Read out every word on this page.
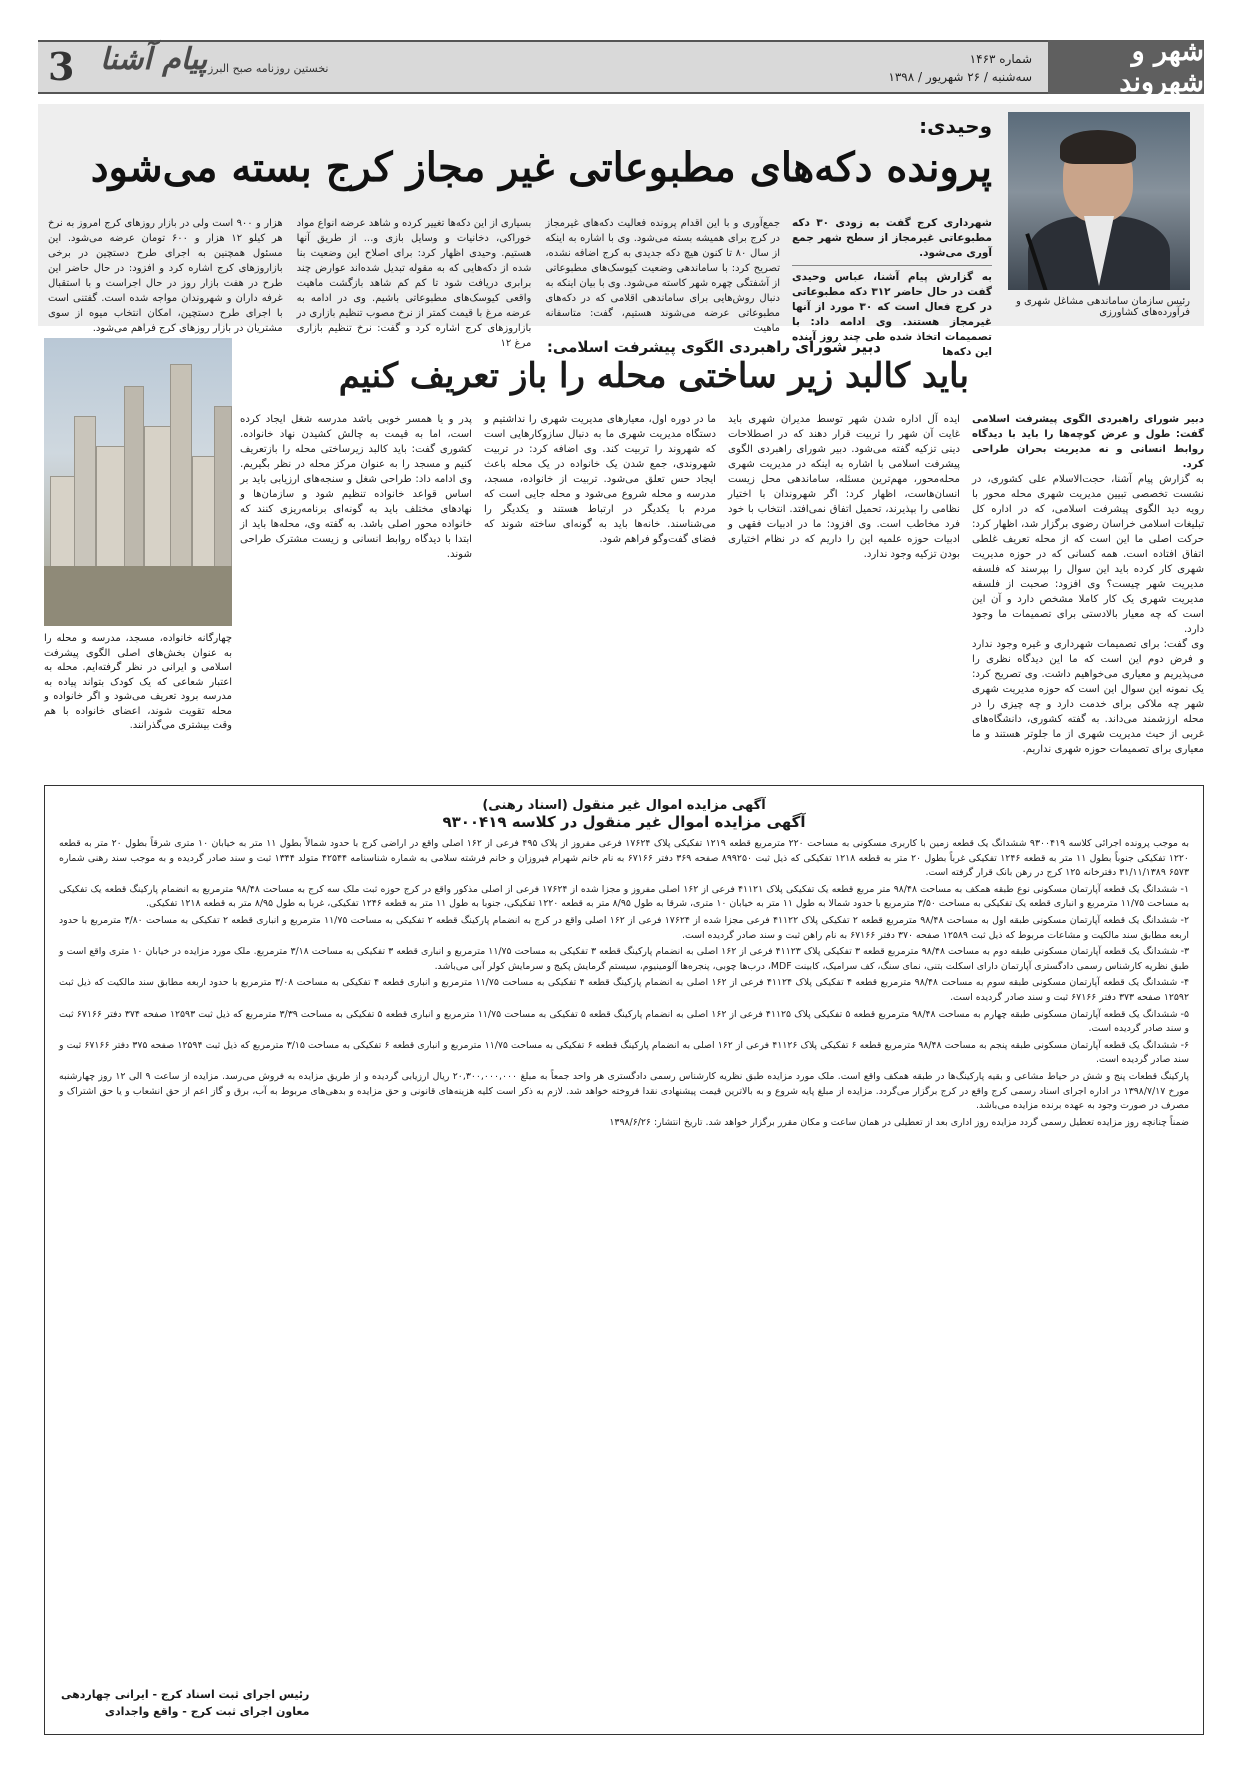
شهر و شهروند
شماره ۱۴۶۳
سه‌شنبه / ۲۶ شهریور / ۱۳۹۸
نخستین روزنامه صبح البرز
پیام آشنا
3
رئیس سازمان ساماندهی مشاغل شهری و فرآورده‌های کشاورزی
وحیدی:
پرونده دکه‌های مطبوعاتی غیر مجاز کرج بسته می‌شود
شهرداری کرج گفت به زودی ۳۰ دکه مطبوعاتی غیرمجاز از سطح شهر جمع آوری می‌شود.
به گزارش پیام آشنا، عباس وحیدی گفت در حال حاضر ۳۱۲ دکه مطبوعاتی در کرج فعال است که ۳۰ مورد از آنها غیرمجاز هستند. وی ادامه داد: با تصمیمات اتخاذ شده طی چند روز آینده این دکه‌ها
جمع‌آوری و با این اقدام پرونده فعالیت دکه‌های غیرمجاز در کرج برای همیشه بسته می‌شود. وی با اشاره به اینکه از سال ۸۰ تا کنون هیچ دکه جدیدی به کرج اضافه نشده، تصریح کرد: با ساماندهی وضعیت کیوسک‌های مطبوعاتی از آشفتگی چهره شهر کاسته می‌شود. وی با بیان اینکه به دنبال روش‌هایی برای ساماندهی اقلامی که در دکه‌های مطبوعاتی عرضه می‌شوند هستیم، گفت: متاسفانه ماهیت
بسیاری از این دکه‌ها تغییر کرده و شاهد عرضه انواع مواد خوراکی، دخانیات و وسایل بازی و... از طریق آنها هستیم. وحیدی اظهار کرد: برای اصلاح این وضعیت بنا شده از دکه‌هایی که به مقوله تبدیل شده‌اند عوارض چند برابری دریافت شود تا کم کم شاهد بازگشت ماهیت واقعی کیوسک‌های مطبوعاتی باشیم. وی در ادامه به عرضه مرغ با قیمت کمتر از نرخ مصوب تنظیم بازاری در بازاروزهای کرج اشاره کرد و گفت: نرخ تنظیم بازاری مرغ ۱۲
هزار و ۹۰۰ است ولی در بازار روزهای کرج امروز به نرخ هر کیلو ۱۲ هزار و ۶۰۰ تومان عرضه می‌شود. این مسئول همچنین به اجرای طرح دستچین در برخی بازاروزهای کرج اشاره کرد و افزود: در حال حاضر این طرح در هفت بازار روز در حال اجراست و با استقبال غرفه داران و شهروندان مواجه شده است. گفتنی است با اجرای طرح دستچین، امکان انتخاب میوه از سوی مشتریان در بازار روزهای کرج فراهم می‌شود.
دبیر شورای راهبردی الگوی پیشرفت اسلامی:
باید کالبد زیر ساختی محله را باز تعریف کنیم
چهارگانه خانواده، مسجد، مدرسه و محله را به عنوان بخش‌های اصلی الگوی پیشرفت اسلامی و ایرانی در نظر گرفته‌ایم. محله به اعتبار شعاعی که یک کودک بتواند پیاده به مدرسه برود تعریف می‌شود و اگر خانواده و محله تقویت شوند، اعضای خانواده با هم وقت بیشتری می‌گذرانند.

دبیر شورای راهبردی الگوی پیشرفت اسلامی گفت: طول و عرض کوچه‌ها را باید با دیدگاه روابط انسانی و نه مدیریت بحران طراحی کرد.

به گزارش پیام آشنا، حجت‌الاسلام علی کشوری، در نشست تخصصی تبیین مدیریت شهری محله محور با رویه دید الگوی پیشرفت اسلامی، که در اداره کل تبلیغات اسلامی خراسان رضوی برگزار شد، اظهار کرد: حرکت اصلی ما این است که از محله تعریف غلطی اتفاق افتاده است. همه کسانی که در حوزه مدیریت شهری کار کرده باید این سوال را بپرسند که فلسفه مدیریت شهر چیست؟ وی افزود: صحبت از فلسفه مدیریت شهری یک کار کاملا مشخص دارد و آن این است که چه معیار بالادستی برای تصمیمات ما وجود دارد.

وی گفت: برای تصمیمات شهرداری و غیره وجود ندارد و فرض دوم این است که ما این دیدگاه نظری را می‌پذیریم و معیاری می‌خواهیم داشت. وی تصریح کرد: یک نمونه این سوال این است که حوزه مدیریت شهری شهر چه ملاکی برای خدمت دارد و چه چیزی را در محله ارزشمند می‌داند. به گفته کشوری، دانشگاه‌های غربی از حیث مدیریت شهری از ما جلوتر هستند و ما معیاری برای تصمیمات حوزه شهری نداریم.

ایده آل اداره شدن شهر توسط مدیران شهری باید غایت آن شهر را تربیت قرار دهند که در اصطلاحات دینی تزکیه گفته می‌شود. دبیر شورای راهبردی الگوی پیشرفت اسلامی با اشاره به اینکه در مدیریت شهری محله‌محور، مهم‌ترین مسئله، ساماندهی محل زیست انسان‌هاست، اظهار کرد: اگر شهروندان با اختیار نظامی را بپذیرند، تحمیل اتفاق نمی‌افتد. انتخاب با خود فرد مخاطب است. وی افزود: ما در ادبیات فقهی و ادبیات حوزه علمیه این را داریم که در نظام اختیاری بودن تزکیه وجود ندارد.

ما در دوره اول، معیارهای مدیریت شهری را نداشتیم و دستگاه مدیریت شهری ما به دنبال سازوکارهایی است که شهروند را تربیت کند. وی اضافه کرد: در تربیت شهروندی، جمع شدن یک خانواده در یک محله باعث ایجاد حس تعلق می‌شود. تربیت از خانواده، مسجد، مدرسه و محله شروع می‌شود و محله جایی است که مردم با یکدیگر در ارتباط هستند و یکدیگر را می‌شناسند. خانه‌ها باید به گونه‌ای ساخته شوند که فضای گفت‌وگو فراهم شود.

پدر و یا همسر خوبی باشد مدرسه شغل ایجاد کرده است، اما به قیمت به چالش کشیدن نهاد خانواده. کشوری گفت: باید کالبد زیرساختی محله را بازتعریف کنیم و مسجد را به عنوان مرکز محله در نظر بگیریم. وی ادامه داد: طراحی شغل و سنجه‌های ارزیابی باید بر اساس قواعد خانواده تنظیم شود و سازمان‌ها و نهادهای مختلف باید به گونه‌ای برنامه‌ریزی کنند که خانواده محور اصلی باشد. به گفته وی، محله‌ها باید از ابتدا با دیدگاه روابط انسانی و زیست مشترک طراحی شوند.

آگهی مزایده اموال غیر منقول (اسناد رهنی)
آگهی مزایده اموال غیر منقول در کلاسه ۹۳۰۰۴۱۹

به موجب پرونده اجرائی کلاسه ۹۳۰۰۴۱۹ ششدانگ یک قطعه زمین با کاربری مسکونی به مساحت ۲۲۰ مترمربع قطعه ۱۲۱۹ تفکیکی پلاک ۱۷۶۲۴ فرعی مفروز از پلاک ۴۹۵ فرعی از ۱۶۲ اصلی واقع در اراضی کرج با حدود شمالاً بطول ۱۱ متر به خیابان ۱۰ متری شرقاً بطول ۲۰ متر به قطعه ۱۲۲۰ تفکیکی جنوباً بطول ۱۱ متر به قطعه ۱۲۴۶ تفکیکی غرباً بطول ۲۰ متر به قطعه ۱۲۱۸ تفکیکی که ذیل ثبت ۸۹۹۲۵۰ صفحه ۳۶۹ دفتر ۶۷۱۶۶ به نام خانم شهرام فیروزان و خانم فرشته سلامی به شماره شناسنامه ۴۲۵۴۴ متولد ۱۳۴۴ ثبت و سند صادر گردیده و به موجب سند رهنی شماره ۶۵۷۳ ۳۱/۱۱/۱۳۸۹ دفترخانه ۱۲۵ کرج در رهن بانک قرار گرفته است.

۱- ششدانگ یک قطعه آپارتمان مسکونی نوع طبقه همکف به مساحت ۹۸/۴۸ متر مربع قطعه یک تفکیکی پلاک ۴۱۱۲۱ فرعی از ۱۶۲ اصلی مفروز و مجزا شده از ۱۷۶۲۴ فرعی از اصلی مذکور واقع در کرج حوزه ثبت ملک سه کرج به مساحت ۹۸/۴۸ مترمربع به انضمام پارکینگ قطعه یک تفکیکی به مساحت ۱۱/۷۵ مترمربع و انباری قطعه یک تفکیکی به مساحت ۳/۵۰ مترمربع با حدود شمالا به طول ۱۱ متر به خیابان ۱۰ متری، شرقا به طول ۸/۹۵ متر به قطعه ۱۲۲۰ تفکیکی، جنوبا به طول ۱۱ متر به قطعه ۱۲۴۶ تفکیکی، غربا به طول ۸/۹۵ متر به قطعه ۱۲۱۸ تفکیکی.

۲- ششدانگ یک قطعه آپارتمان مسکونی طبقه اول به مساحت ۹۸/۴۸ مترمربع قطعه ۲ تفکیکی پلاک ۴۱۱۲۲ فرعی مجزا شده از ۱۷۶۲۴ فرعی از ۱۶۲ اصلی واقع در کرج به انضمام پارکینگ قطعه ۲ تفکیکی به مساحت ۱۱/۷۵ مترمربع و انباری قطعه ۲ تفکیکی به مساحت ۳/۸۰ مترمربع با حدود اربعه مطابق سند مالکیت و مشاعات مربوط که ذیل ثبت ۱۲۵۸۹ صفحه ۳۷۰ دفتر ۶۷۱۶۶ به نام راهن ثبت و سند صادر گردیده است.

۳- ششدانگ یک قطعه آپارتمان مسکونی طبقه دوم به مساحت ۹۸/۴۸ مترمربع قطعه ۳ تفکیکی پلاک ۴۱۱۲۳ فرعی از ۱۶۲ اصلی به انضمام پارکینگ قطعه ۳ تفکیکی به مساحت ۱۱/۷۵ مترمربع و انباری قطعه ۳ تفکیکی به مساحت ۳/۱۸ مترمربع. ملک مورد مزایده در خیابان ۱۰ متری واقع است و طبق نظریه کارشناس رسمی دادگستری آپارتمان دارای اسکلت بتنی، نمای سنگ، کف سرامیک، کابینت MDF، درب‌ها چوبی، پنجره‌ها آلومینیوم، سیستم گرمایش پکیج و سرمایش کولر آبی می‌باشد.

۴- ششدانگ یک قطعه آپارتمان مسکونی طبقه سوم به مساحت ۹۸/۴۸ مترمربع قطعه ۴ تفکیکی پلاک ۴۱۱۲۴ فرعی از ۱۶۲ اصلی به انضمام پارکینگ قطعه ۴ تفکیکی به مساحت ۱۱/۷۵ مترمربع و انباری قطعه ۴ تفکیکی به مساحت ۳/۰۸ مترمربع با حدود اربعه مطابق سند مالکیت که ذیل ثبت ۱۲۵۹۲ صفحه ۳۷۳ دفتر ۶۷۱۶۶ ثبت و سند صادر گردیده است.

۵- ششدانگ یک قطعه آپارتمان مسکونی طبقه چهارم به مساحت ۹۸/۴۸ مترمربع قطعه ۵ تفکیکی پلاک ۴۱۱۲۵ فرعی از ۱۶۲ اصلی به انضمام پارکینگ قطعه ۵ تفکیکی به مساحت ۱۱/۷۵ مترمربع و انباری قطعه ۵ تفکیکی به مساحت ۳/۳۹ مترمربع که ذیل ثبت ۱۲۵۹۳ صفحه ۳۷۴ دفتر ۶۷۱۶۶ ثبت و سند صادر گردیده است.

۶- ششدانگ یک قطعه آپارتمان مسکونی طبقه پنجم به مساحت ۹۸/۴۸ مترمربع قطعه ۶ تفکیکی پلاک ۴۱۱۲۶ فرعی از ۱۶۲ اصلی به انضمام پارکینگ قطعه ۶ تفکیکی به مساحت ۱۱/۷۵ مترمربع و انباری قطعه ۶ تفکیکی به مساحت ۳/۱۵ مترمربع که ذیل ثبت ۱۲۵۹۴ صفحه ۳۷۵ دفتر ۶۷۱۶۶ ثبت و سند صادر گردیده است.

پارکینگ قطعات پنج و شش در حیاط مشاعی و بقیه پارکینگ‌ها در طبقه همکف واقع است. ملک مورد مزایده طبق نظریه کارشناس رسمی دادگستری هر واحد جمعاً به مبلغ ۲۰,۳۰۰,۰۰۰,۰۰۰ ریال ارزیابی گردیده و از طریق مزایده به فروش می‌رسد. مزایده از ساعت ۹ الی ۱۲ روز چهارشنبه مورخ ۱۳۹۸/۷/۱۷ در اداره اجرای اسناد رسمی کرج واقع در کرج برگزار می‌گردد. مزایده از مبلغ پایه شروع و به بالاترین قیمت پیشنهادی نقدا فروخته خواهد شد. لازم به ذکر است کلیه هزینه‌های قانونی و حق مزایده و بدهی‌های مربوط به آب، برق و گاز اعم از حق انشعاب و یا حق اشتراک و مصرف در صورت وجود به عهده برنده مزایده می‌باشد.

ضمناً چنانچه روز مزایده تعطیل رسمی گردد مزایده روز اداری بعد از تعطیلی در همان ساعت و مکان مقرر برگزار خواهد شد. تاریخ انتشار: ۱۳۹۸/۶/۲۶

رئیس اجرای ثبت اسناد کرج - ایرانی چهاردهی
معاون اجرای ثبت کرج - واقع واجدادی
